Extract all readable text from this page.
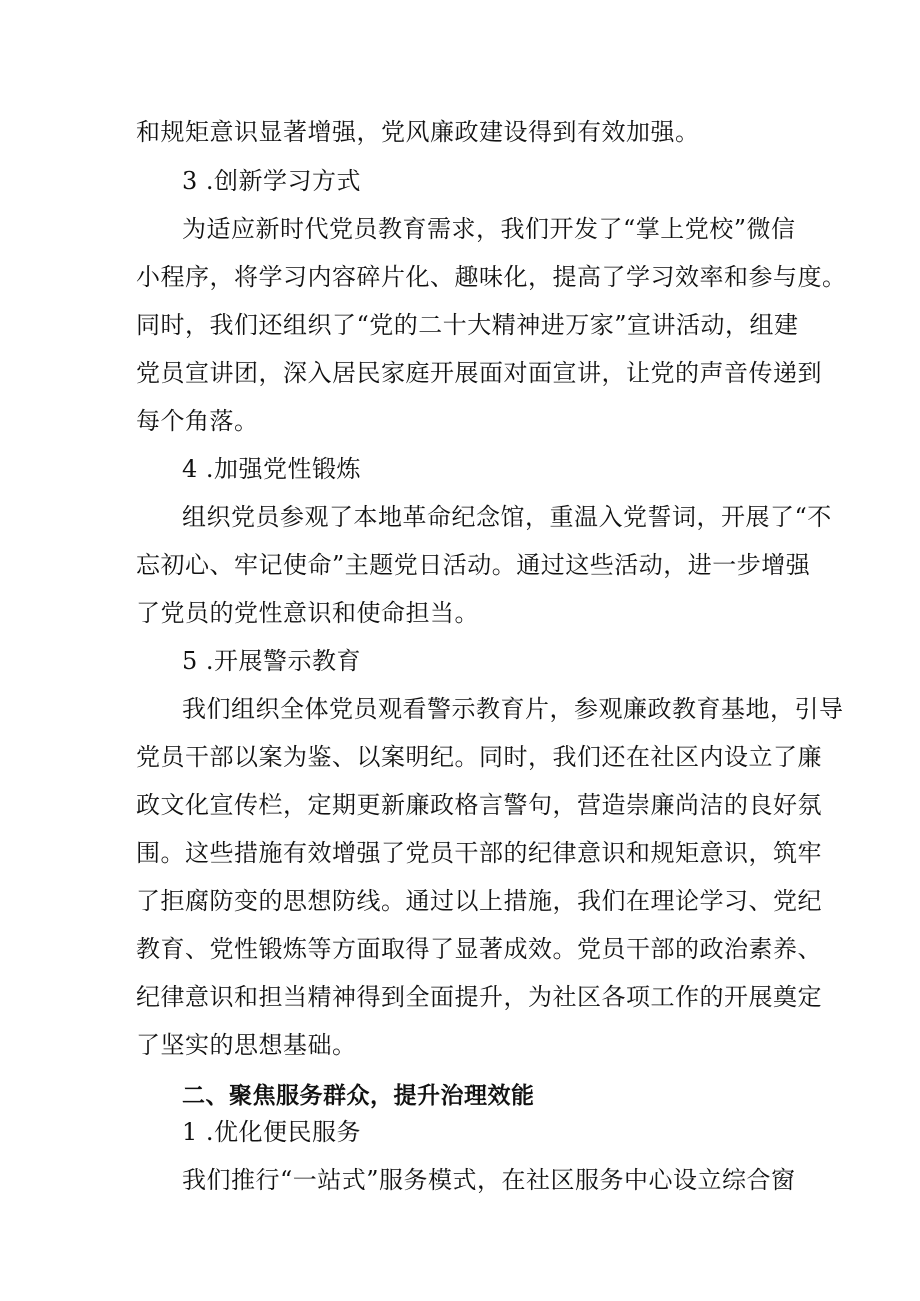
和规矩意识显著增强，党风廉政建设得到有效加强。
3 .创新学习方式
为适应新时代党员教育需求，我们开发了“掌上党校”微信
小程序，将学习内容碎片化、趣味化，提高了学习效率和参与度。
同时，我们还组织了“党的二十大精神进万家”宣讲活动，组建
党员宣讲团，深入居民家庭开展面对面宣讲，让党的声音传递到
每个角落。
4 .加强党性锻炼
组织党员参观了本地革命纪念馆，重温入党誓词，开展了“不
忘初心、牢记使命”主题党日活动。通过这些活动，进一步增强
了党员的党性意识和使命担当。
5 .开展警示教育
我们组织全体党员观看警示教育片，参观廉政教育基地，引导
党员干部以案为鉴、以案明纪。同时，我们还在社区内设立了廉
政文化宣传栏，定期更新廉政格言警句，营造崇廉尚洁的良好氛
围。这些措施有效增强了党员干部的纪律意识和规矩意识，筑牢
了拒腐防变的思想防线。通过以上措施，我们在理论学习、党纪
教育、党性锻炼等方面取得了显著成效。党员干部的政治素养、
纪律意识和担当精神得到全面提升，为社区各项工作的开展奠定
了坚实的思想基础。
二、聚焦服务群众，提升治理效能
1 .优化便民服务
我们推行“一站式”服务模式，在社区服务中心设立综合窗
